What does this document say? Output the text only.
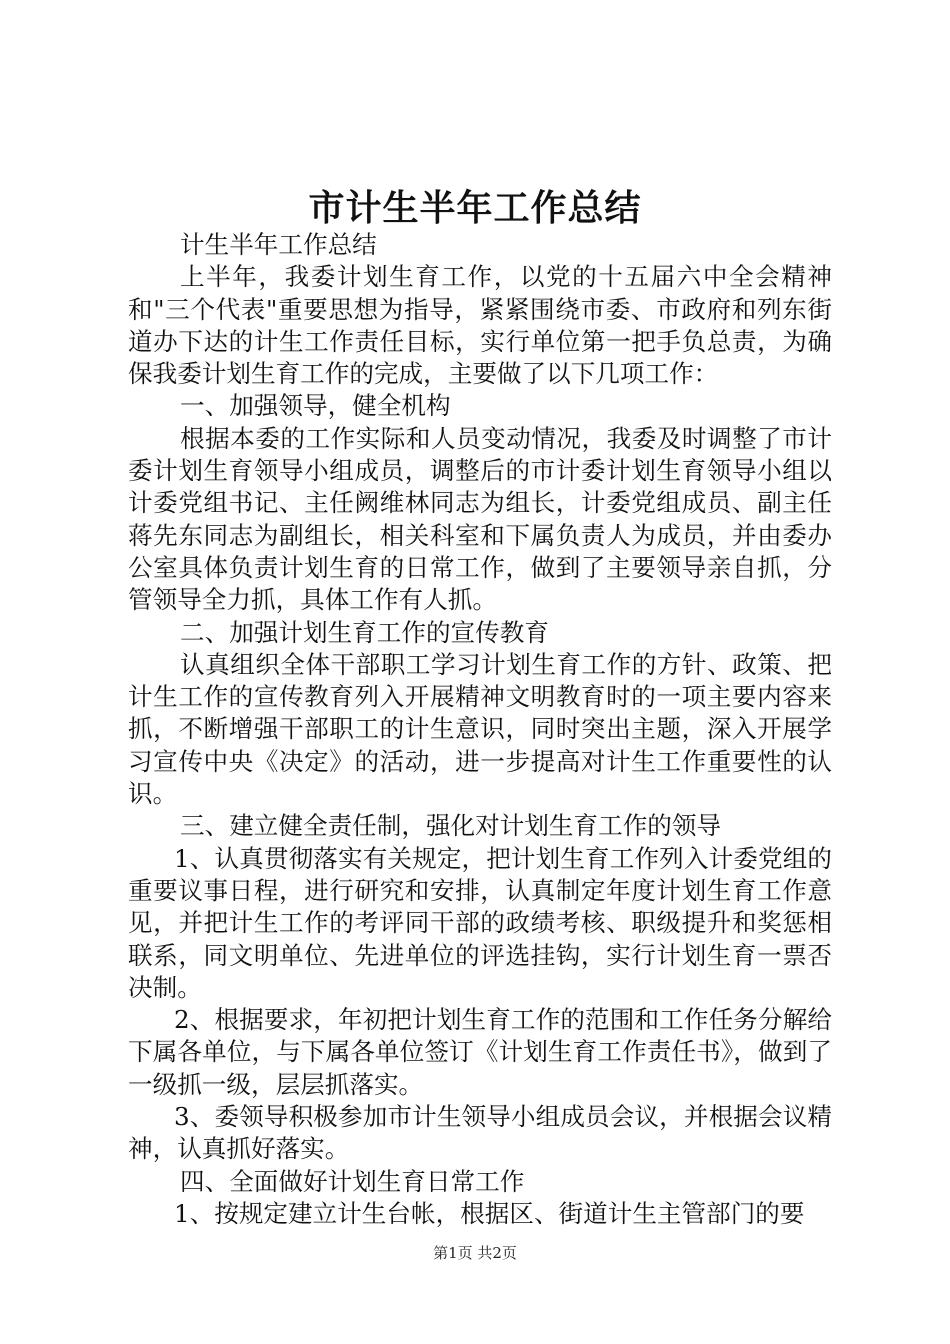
市计生半年工作总结

计生半年工作总结

上半年，我委计划生育工作，以党的十五届六中全会精神和"三个代表"重要思想为指导，紧紧围绕市委、市政府和列东街道办下达的计生工作责任目标，实行单位第一把手负总责，为确保我委计划生育工作的完成，主要做了以下几项工作：

一、加强领导，健全机构

根据本委的工作实际和人员变动情况，我委及时调整了市计委计划生育领导小组成员，调整后的市计委计划生育领导小组以计委党组书记、主任阙维林同志为组长，计委党组成员、副主任蒋先东同志为副组长，相关科室和下属负责人为成员，并由委办公室具体负责计划生育的日常工作，做到了主要领导亲自抓，分管领导全力抓，具体工作有人抓。

二、加强计划生育工作的宣传教育

认真组织全体干部职工学习计划生育工作的方针、政策、把计生工作的宣传教育列入开展精神文明教育时的一项主要内容来抓，不断增强干部职工的计生意识，同时突出主题，深入开展学习宣传中央《决定》的活动，进一步提高对计生工作重要性的认识。

三、建立健全责任制，强化对计划生育工作的领导

1、认真贯彻落实有关规定，把计划生育工作列入计委党组的重要议事日程，进行研究和安排，认真制定年度计划生育工作意见，并把计生工作的考评同干部的政绩考核、职级提升和奖惩相联系，同文明单位、先进单位的评选挂钩，实行计划生育一票否决制。

2、根据要求，年初把计划生育工作的范围和工作任务分解给下属各单位，与下属各单位签订《计划生育工作责任书》，做到了一级抓一级，层层抓落实。

3、委领导积极参加市计生领导小组成员会议，并根据会议精神，认真抓好落实。

四、全面做好计划生育日常工作

1、按规定建立计生台帐，根据区、街道计生主管部门的要

第1页 共2页
